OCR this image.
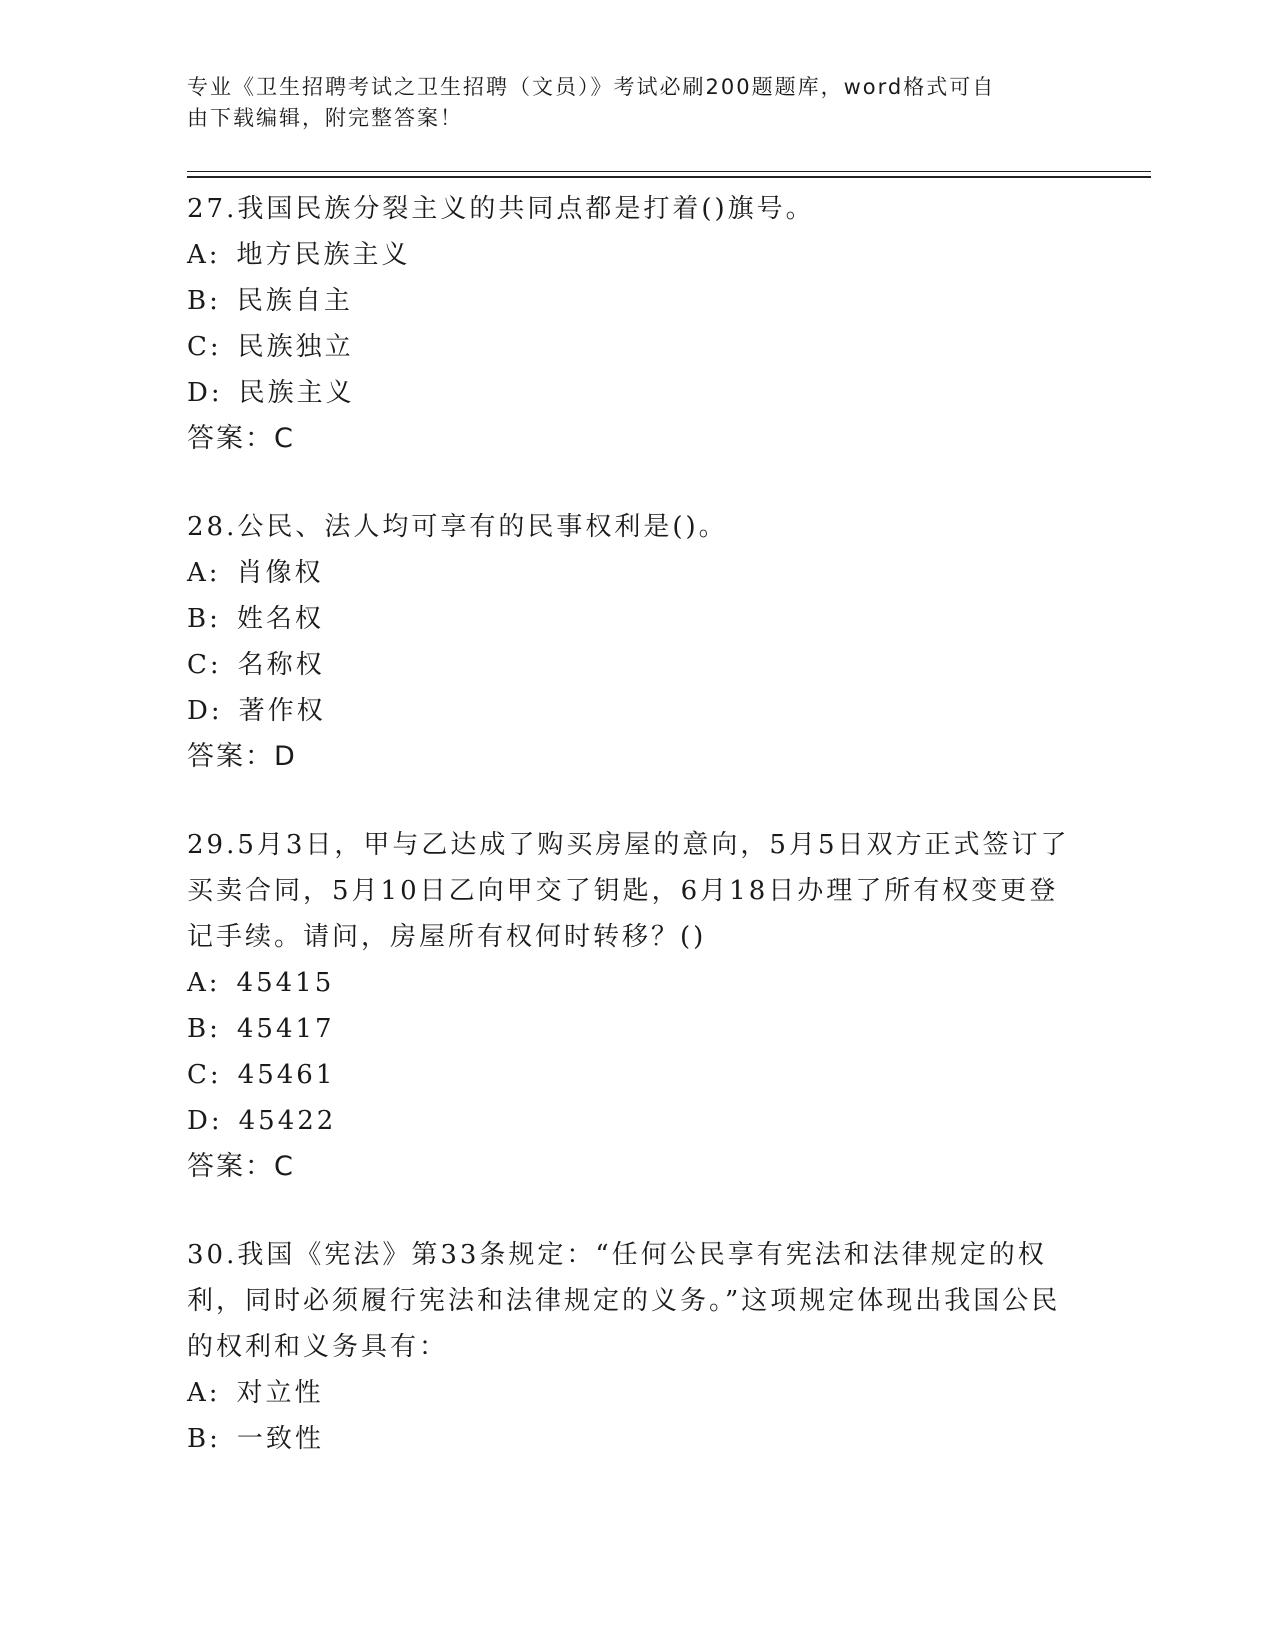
专业《卫生招聘考试之卫生招聘（文员）》考试必刷200题题库，word格式可自
由下载编辑，附完整答案！

27.我国民族分裂主义的共同点都是打着()旗号。

A: 地方民族主义

B: 民族自主

C: 民族独立

D: 民族主义

答案：C

28.公民、法人均可享有的民事权利是()。

A: 肖像权

B: 姓名权

C: 名称权

D: 著作权

答案：D

29.5月3日，甲与乙达成了购买房屋的意向，5月5日双方正式签订了买卖合同，5月10日乙向甲交了钥匙，6月18日办理了所有权变更登记手续。请问，房屋所有权何时转移？()

A: 45415

B: 45417

C: 45461

D: 45422

答案：C

30.我国《宪法》第33条规定：“任何公民享有宪法和法律规定的权利，同时必须履行宪法和法律规定的义务。”这项规定体现出我国公民的权利和义务具有：

A: 对立性

B: 一致性
